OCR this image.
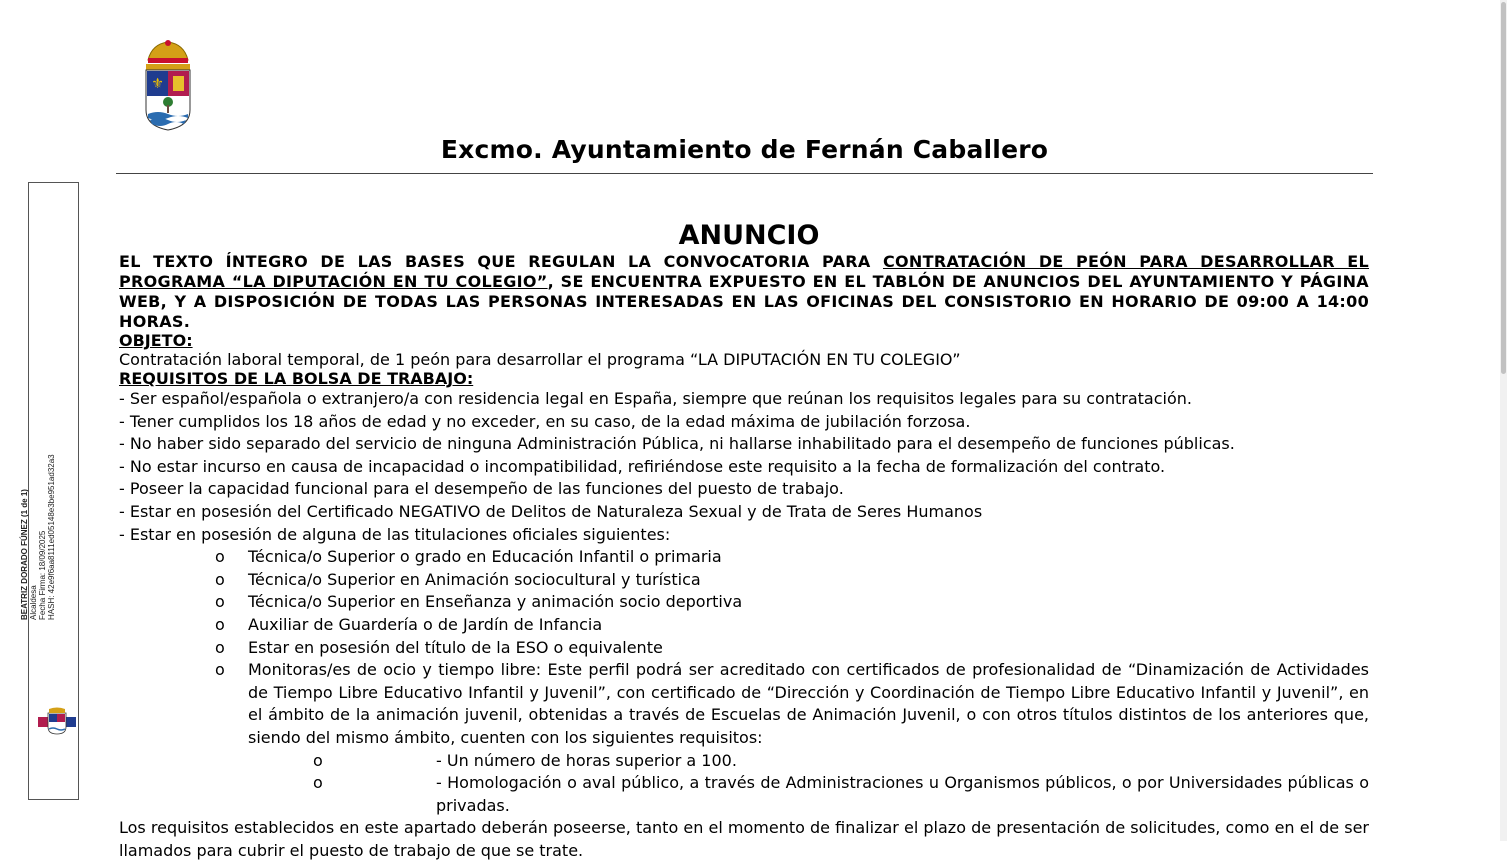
⚜
Excmo. Ayuntamiento de Fernán Caballero
BEATRIZ DORADO FÚNEZ (1 de 1) Alcaldesa Fecha Firma: 18/09/2025 HASH: 42e9f6aa8111ed05148e3be951ad32a3
ANUNCIO
EL TEXTO ÍNTEGRO DE LAS BASES QUE REGULAN LA CONVOCATORIA PARA CONTRATACIÓN DE PEÓN PARA DESARROLLAR EL PROGRAMA “LA DIPUTACIÓN EN TU COLEGIO”, SE ENCUENTRA EXPUESTO EN EL TABLÓN DE ANUNCIOS DEL AYUNTAMIENTO Y PÁGINA WEB, Y A DISPOSICIÓN DE TODAS LAS PERSONAS INTERESADAS EN LAS OFICINAS DEL CONSISTORIO EN HORARIO DE 09:00 A 14:00 HORAS.
OBJETO:
Contratación laboral temporal, de 1 peón para desarrollar el programa “LA DIPUTACIÓN EN TU COLEGIO”
REQUISITOS DE LA BOLSA DE TRABAJO:
- Ser español/española o extranjero/a con residencia legal en España, siempre que reúnan los requisitos legales para su contratación.
- Tener cumplidos los 18 años de edad y no exceder, en su caso, de la edad máxima de jubilación forzosa.
- No haber sido separado del servicio de ninguna Administración Pública, ni hallarse inhabilitado para el desempeño de funciones públicas.
- No estar incurso en causa de incapacidad o incompatibilidad, refiriéndose este requisito a la fecha de formalización del contrato.
- Poseer la capacidad funcional para el desempeño de las funciones del puesto de trabajo.
- Estar en posesión del Certificado NEGATIVO de Delitos de Naturaleza Sexual y de Trata de Seres Humanos
- Estar en posesión de alguna de las titulaciones oficiales siguientes:
o Técnica/o Superior o grado en Educación Infantil o primaria
o Técnica/o Superior en Animación sociocultural y turística
o Técnica/o Superior en Enseñanza y animación socio deportiva
o Auxiliar de Guardería o de Jardín de Infancia
o Estar en posesión del título de la ESO o equivalente
o Monitoras/es de ocio y tiempo libre: Este perfil podrá ser acreditado con certificados de profesionalidad de “Dinamización de Actividades de Tiempo Libre Educativo Infantil y Juvenil”, con certificado de “Dirección y Coordinación de Tiempo Libre Educativo Infantil y Juvenil”, en el ámbito de la animación juvenil, obtenidas a través de Escuelas de Animación Juvenil, o con otros títulos distintos de los anteriores que, siendo del mismo ámbito, cuenten con los siguientes requisitos:
o	- Un número de horas superior a 100.
o	- Homologación o aval público, a través de Administraciones u Organismos públicos, o por Universidades públicas o privadas.
Los requisitos establecidos en este apartado deberán poseerse, tanto en el momento de finalizar el plazo de presentación de solicitudes, como en el de ser llamados para cubrir el puesto de trabajo de que se trate.
